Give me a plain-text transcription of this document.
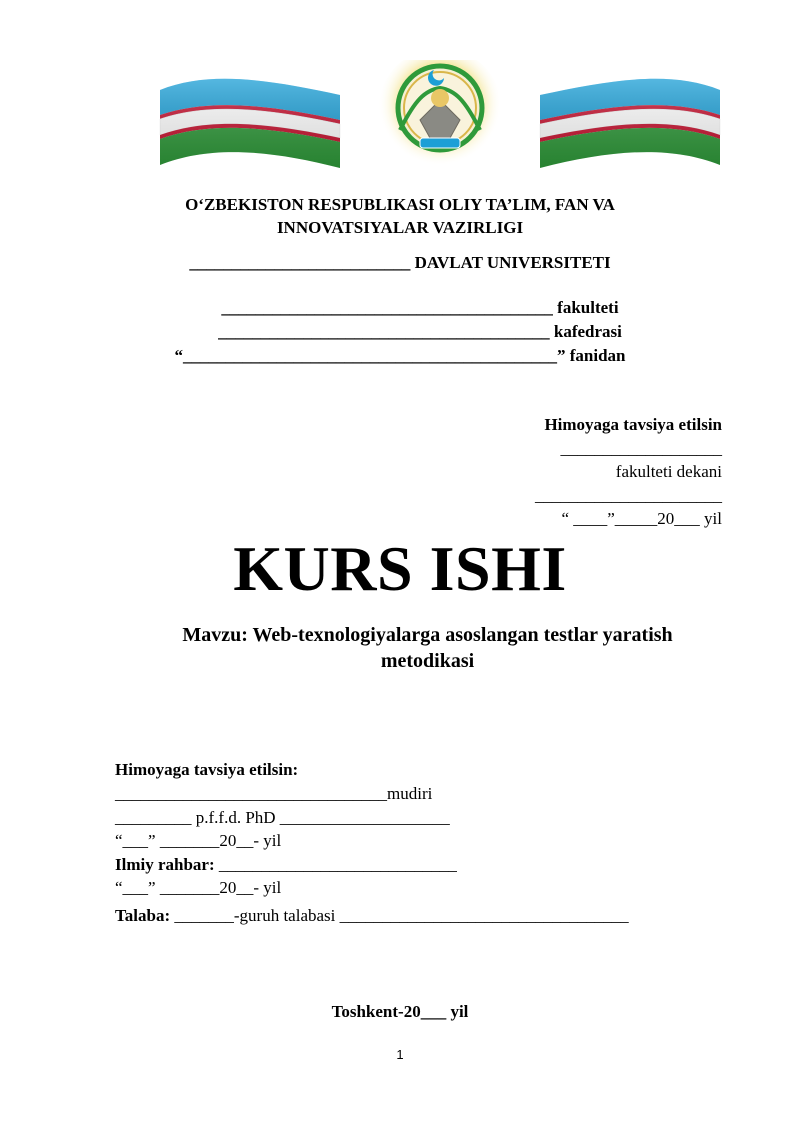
O‘ZBEKISTON RESPUBLIKASI OLIY TA’LIM, FAN VA
INNOVATSIYALAR VAZIRLIGI
__________________________ DAVLAT UNIVERSITETI
_______________________________________ fakulteti
_______________________________________ kafedrasi
“____________________________________________” fanidan
Himoyaga tavsiya etilsin
___________________
fakulteti dekani
______________________
“ ____”_____20___ yil
KURS ISHI
Mavzu: Web-texnologiyalarga asoslangan testlar yaratish metodikasi
Himoyaga tavsiya etilsin:
________________________________mudiri
_________ p.f.f.d. PhD ____________________
“___” _______20__- yil
Ilmiy rahbar: ____________________________
“___” _______20__- yil
Talaba: _______-guruh talabasi __________________________________
Toshkent-20___ yil
1
